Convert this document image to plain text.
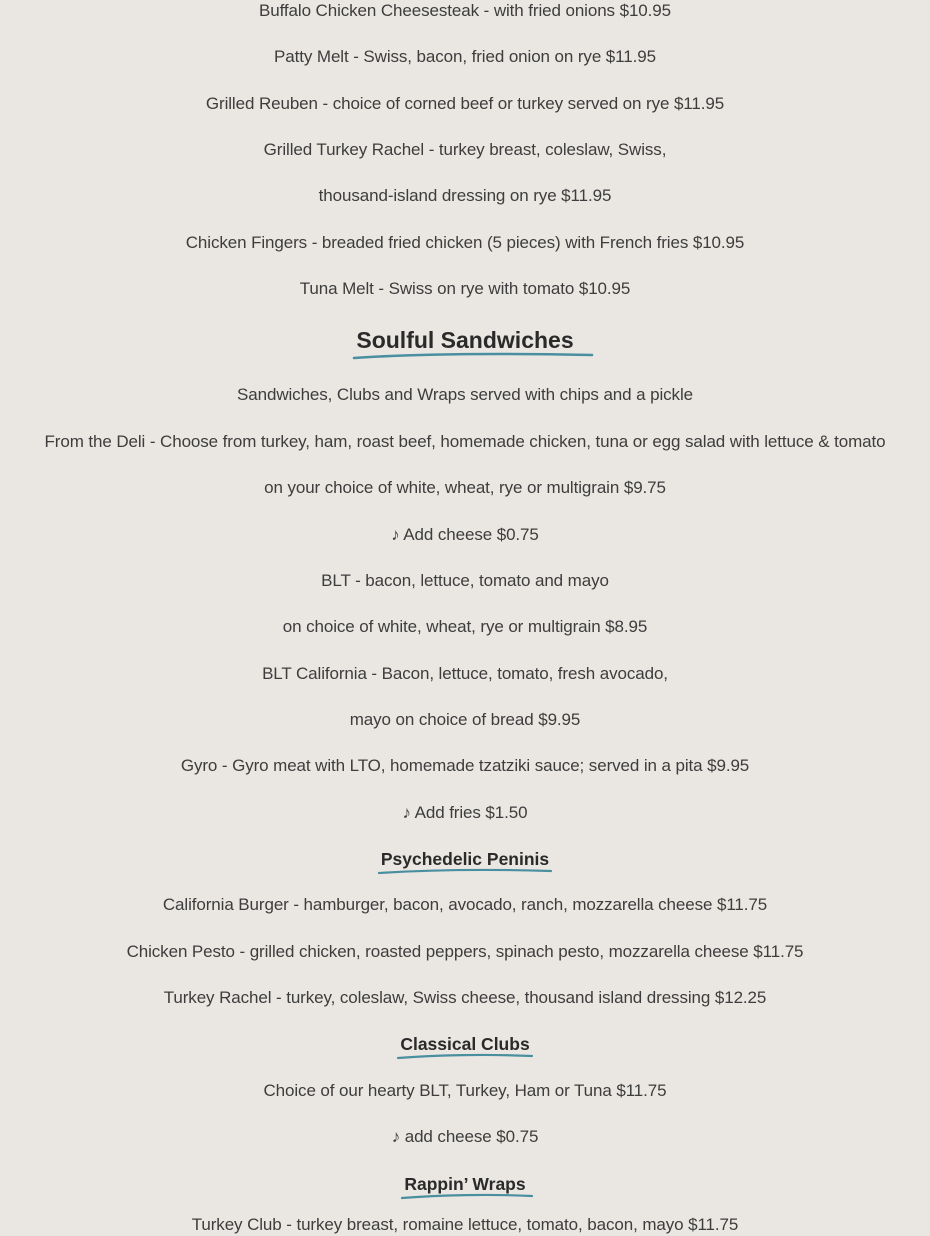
Buffalo Chicken Cheesesteak - with fried onions $10.95
Patty Melt - Swiss, bacon, fried onion on rye $11.95
Grilled Reuben - choice of corned beef or turkey served on rye $11.95
Grilled Turkey Rachel - turkey breast, coleslaw, Swiss,
thousand-island dressing on rye $11.95
Chicken Fingers - breaded fried chicken (5 pieces) with French fries $10.95
Tuna Melt - Swiss on rye with tomato $10.95
Soulful Sandwiches
Sandwiches, Clubs and Wraps served with chips and a pickle
From the Deli - Choose from turkey, ham, roast beef, homemade chicken, tuna or egg salad with lettuce & tomato
on your choice of white, wheat, rye or multigrain $9.75
♪ Add cheese $0.75
BLT - bacon, lettuce, tomato and mayo
on choice of white, wheat, rye or multigrain $8.95
BLT California - Bacon, lettuce, tomato, fresh avocado,
mayo on choice of bread $9.95
Gyro - Gyro meat with LTO, homemade tzatziki sauce; served in a pita $9.95
♪ Add fries $1.50
Psychedelic Peninis
California Burger - hamburger, bacon, avocado, ranch, mozzarella cheese $11.75
Chicken Pesto - grilled chicken, roasted peppers, spinach pesto, mozzarella cheese $11.75
Turkey Rachel - turkey, coleslaw, Swiss cheese, thousand island dressing $12.25
Classical Clubs
Choice of our hearty BLT, Turkey, Ham or Tuna $11.75
♪ add cheese $0.75
Rappin’ Wraps
Turkey Club - turkey breast, romaine lettuce, tomato, bacon, mayo $11.75
